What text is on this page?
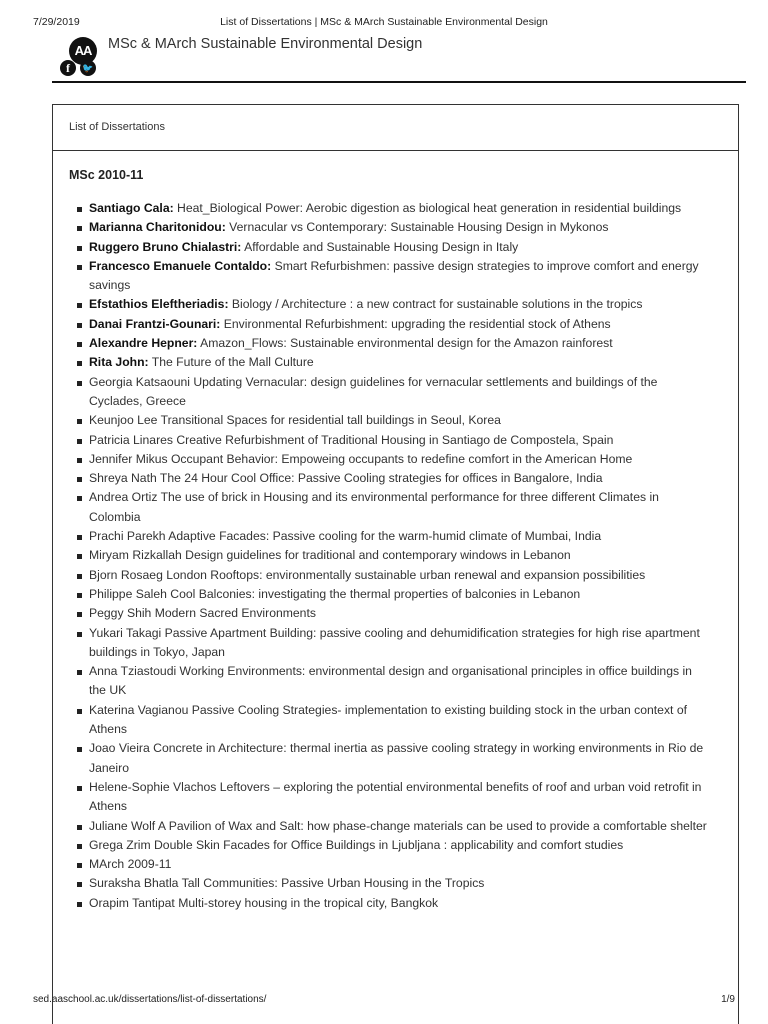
7/29/2019	List of Dissertations | MSc & MArch Sustainable Environmental Design
AA
f	🐦
MSc & MArch Sustainable Environmental Design
List of Dissertations
MSc 2010-11
Santiago Cala: Heat_Biological Power: Aerobic digestion as biological heat generation in residential buildings
Marianna Charitonidou: Vernacular vs Contemporary: Sustainable Housing Design in Mykonos
Ruggero Bruno Chialastri: Affordable and Sustainable Housing Design in Italy
Francesco Emanuele Contaldo: Smart Refurbishmen: passive design strategies to improve comfort and energy savings
Efstathios Eleftheriadis: Biology / Architecture : a new contract for sustainable solutions in the tropics
Danai Frantzi-Gounari: Environmental Refurbishment: upgrading the residential stock of Athens
Alexandre Hepner: Amazon_Flows: Sustainable environmental design for the Amazon rainforest
Rita John: The Future of the Mall Culture
Georgia Katsaouni Updating Vernacular: design guidelines for vernacular settlements and buildings of the Cyclades, Greece
Keunjoo Lee Transitional Spaces for residential tall buildings in Seoul, Korea
Patricia Linares Creative Refurbishment of Traditional Housing in Santiago de Compostela, Spain
Jennifer Mikus Occupant Behavior: Empoweing occupants to redefine comfort in the American Home
Shreya Nath The 24 Hour Cool Office: Passive Cooling strategies for offices in Bangalore, India
Andrea Ortiz The use of brick in Housing and its environmental performance for three different Climates in Colombia
Prachi Parekh Adaptive Facades: Passive cooling for the warm-humid climate of Mumbai, India
Miryam Rizkallah Design guidelines for traditional and contemporary windows in Lebanon
Bjorn Rosaeg London Rooftops: environmentally sustainable urban renewal and expansion possibilities
Philippe Saleh Cool Balconies: investigating the thermal properties of balconies in Lebanon
Peggy Shih Modern Sacred Environments
Yukari Takagi Passive Apartment Building: passive cooling and dehumidification strategies for high rise apartment buildings in Tokyo, Japan
Anna Tziastoudi Working Environments: environmental design and organisational principles in office buildings in the UK
Katerina Vagianou Passive Cooling Strategies- implementation to existing building stock in the urban context of Athens
Joao Vieira Concrete in Architecture: thermal inertia as passive cooling strategy in working environments in Rio de Janeiro
Helene-Sophie Vlachos Leftovers – exploring the potential environmental benefits of roof and urban void retrofit in Athens
Juliane Wolf A Pavilion of Wax and Salt: how phase-change materials can be used to provide a comfortable shelter
Grega Zrim Double Skin Facades for Office Buildings in Ljubljana : applicability and comfort studies
MArch 2009-11
Suraksha Bhatla Tall Communities: Passive Urban Housing in the Tropics
Orapim Tantipat Multi-storey housing in the tropical city, Bangkok
sed.aaschool.ac.uk/dissertations/list-of-dissertations/	1/9
